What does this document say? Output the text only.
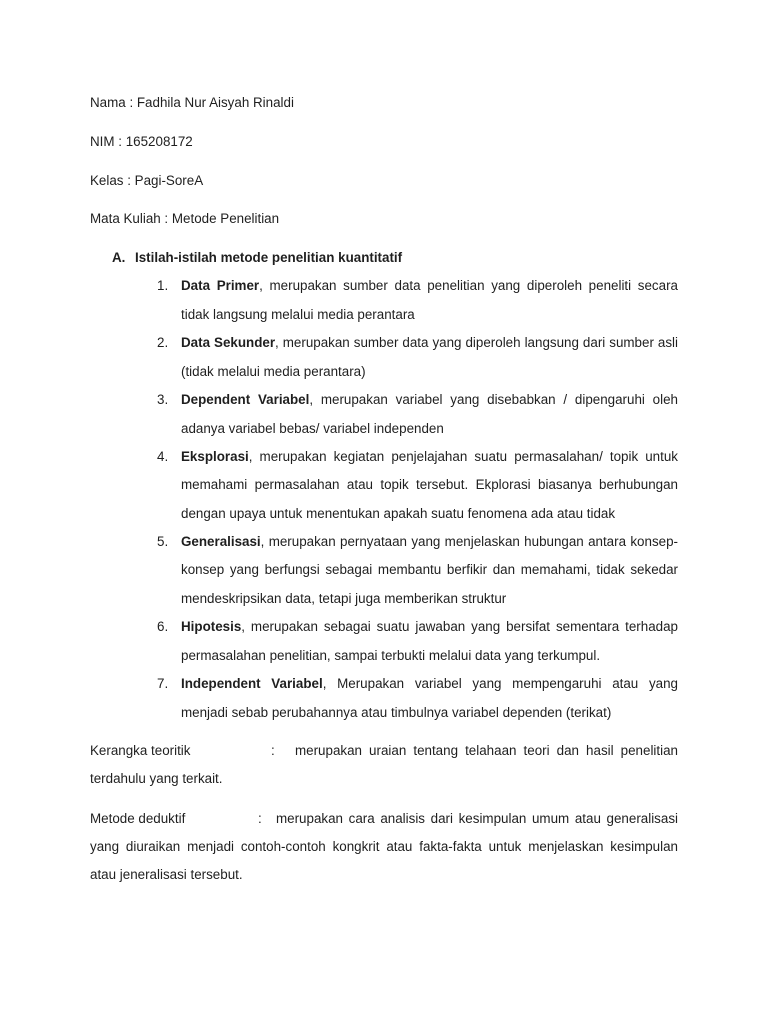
Nama : Fadhila Nur Aisyah Rinaldi
NIM : 165208172
Kelas : Pagi-SoreA
Mata Kuliah : Metode Penelitian
A. Istilah-istilah metode penelitian kuantitatif
1. Data Primer, merupakan sumber data penelitian yang diperoleh peneliti secara
tidak langsung melalui media perantara
2. Data Sekunder, merupakan sumber data yang diperoleh langsung dari sumber asli
(tidak melalui media perantara)
3. Dependent Variabel, merupakan variabel yang disebabkan / dipengaruhi oleh
adanya variabel bebas/ variabel independen
4. Eksplorasi, merupakan kegiatan penjelajahan suatu permasalahan/ topik untuk
memahami permasalahan atau topik tersebut. Ekplorasi biasanya berhubungan
dengan upaya untuk menentukan apakah suatu fenomena ada atau tidak
5. Generalisasi, merupakan pernyataan yang menjelaskan hubungan antara konsep-
konsep yang berfungsi sebagai membantu berfikir dan memahami, tidak sekedar
mendeskripsikan data, tetapi juga memberikan struktur
6. Hipotesis, merupakan sebagai suatu jawaban yang bersifat sementara terhadap
permasalahan penelitian, sampai terbukti melalui data yang terkumpul.
7. Independent Variabel, Merupakan variabel yang mempengaruhi atau yang
menjadi sebab perubahannya atau timbulnya variabel dependen (terikat)
Kerangka teoritik	: merupakan uraian tentang telahaan teori dan hasil penelitian
terdahulu yang terkait.
Metode deduktif	: merupakan cara analisis dari kesimpulan umum atau generalisasi
yang diuraikan menjadi contoh-contoh kongkrit atau fakta-fakta untuk menjelaskan kesimpulan
atau jeneralisasi tersebut.
